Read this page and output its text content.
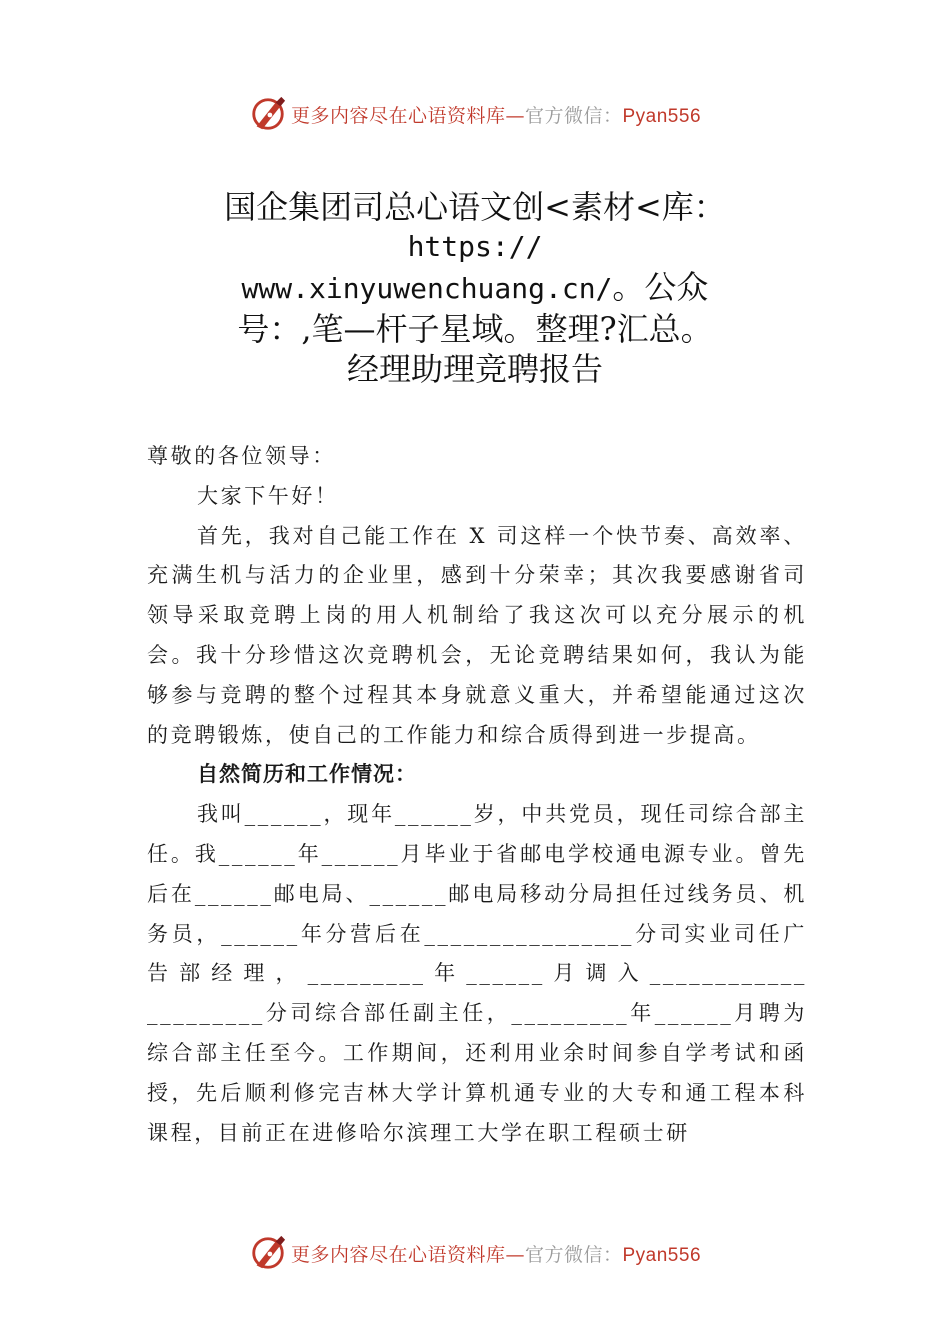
更多内容尽在心语资料库—官方微信：Pyan556
国企集团司总心语文创<素材<库：
https://
www.xinyuwenchuang.cn/。公众
号：,笔—杆子星域。整理?汇总。
经理助理竞聘报告

尊敬的各位领导：

大家下午好！

首先，我对自己能工作在 X 司这样一个快节奏、高效率、充满生机与活力的企业里，感到十分荣幸；其次我要感谢省司领导采取竞聘上岗的用人机制给了我这次可以充分展示的机会。我十分珍惜这次竞聘机会，无论竞聘结果如何，我认为能够参与竞聘的整个过程其本身就意义重大，并希望能通过这次的竞聘锻炼，使自己的工作能力和综合质得到进一步提高。

自然简历和工作情况：

我叫______，现年______岁，中共党员，现任司综合部主任。我______年______月毕业于省邮电学校通电源专业。曾先后在______邮电局、______邮电局移动分局担任过线务员、机务员，______年分营后在________________分司实业司任广告部经理，_________年______月调入____________ _________分司综合部任副主任，_________年______月聘为综合部主任至今。工作期间，还利用业余时间参自学考试和函授，先后顺利修完吉林大学计算机通专业的大专和通工程本科课程，目前正在进修哈尔滨理工大学在职工程硕士研

更多内容尽在心语资料库—官方微信：Pyan556
